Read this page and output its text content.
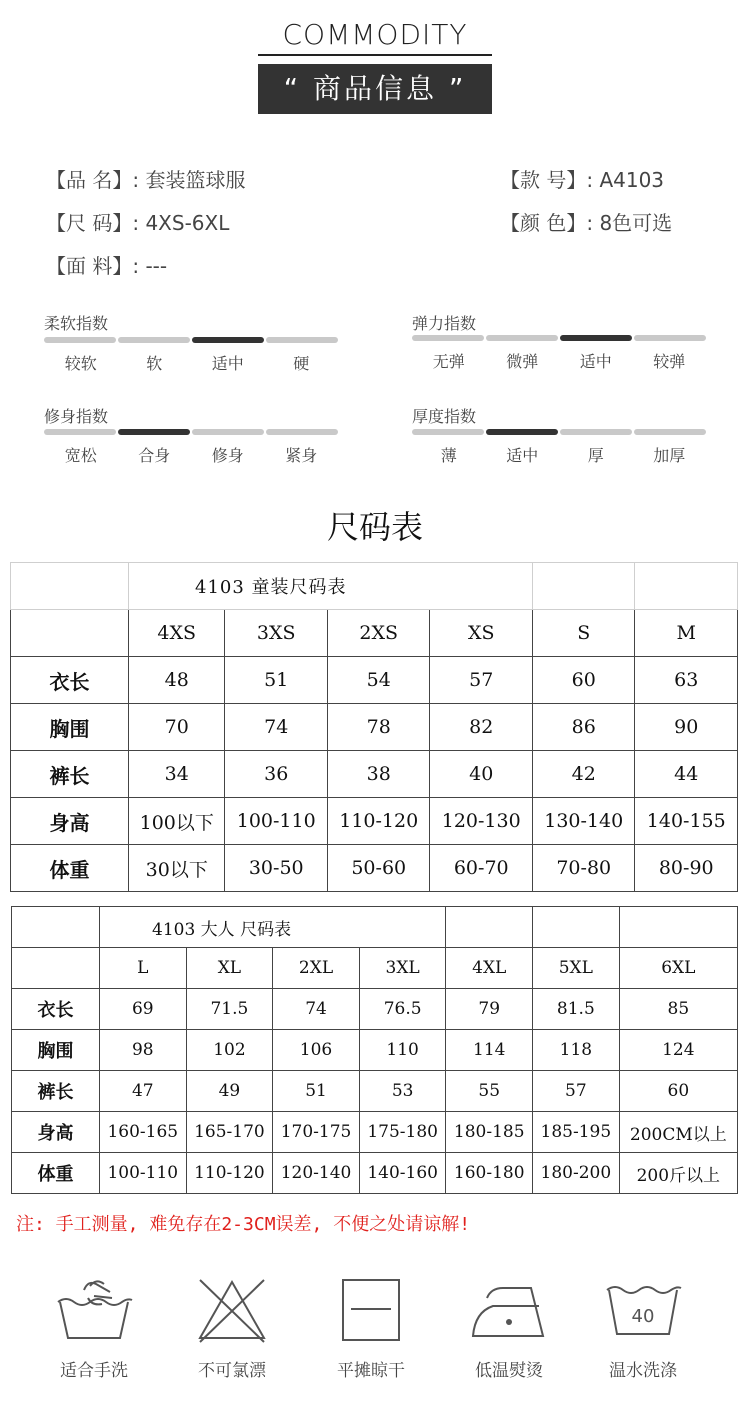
COMMODITY
“ 商品信息 ”
【品 名】: 套装篮球服	【款 号】: A4103
【尺 码】: 4XS-6XL	【颜 色】: 8色可选
【面 料】: ---
柔软指数
较软	软	适中	硬
弹力指数
无弹	微弹	适中	较弹
修身指数
宽松	合身	修身	紧身
厚度指数
薄	适中	厚	加厚
尺码表
	4103 童装尺码表					
	4XS	3XS	2XS	XS	S	M
衣长	48	51	54	57	60	63
胸围	70	74	78	82	86	90
裤长	34	36	38	40	42	44
身高	100以下	100-110	110-120	120-130	130-140	140-155
体重	30以下	30-50	50-60	60-70	70-80	80-90
	4103 大人 尺码表						
	L	XL	2XL	3XL	4XL	5XL	6XL
衣长	69	71.5	74	76.5	79	81.5	85
胸围	98	102	106	110	114	118	124
裤长	47	49	51	53	55	57	60
身高	160-165	165-170	170-175	175-180	180-185	185-195	200CM以上
体重	100-110	110-120	120-140	140-160	160-180	180-200	200斤以上
注: 手工测量, 难免存在2-3CM误差, 不便之处请谅解!
适合手洗	不可氯漂	平摊晾干	低温熨烫
40
温水洗涤
